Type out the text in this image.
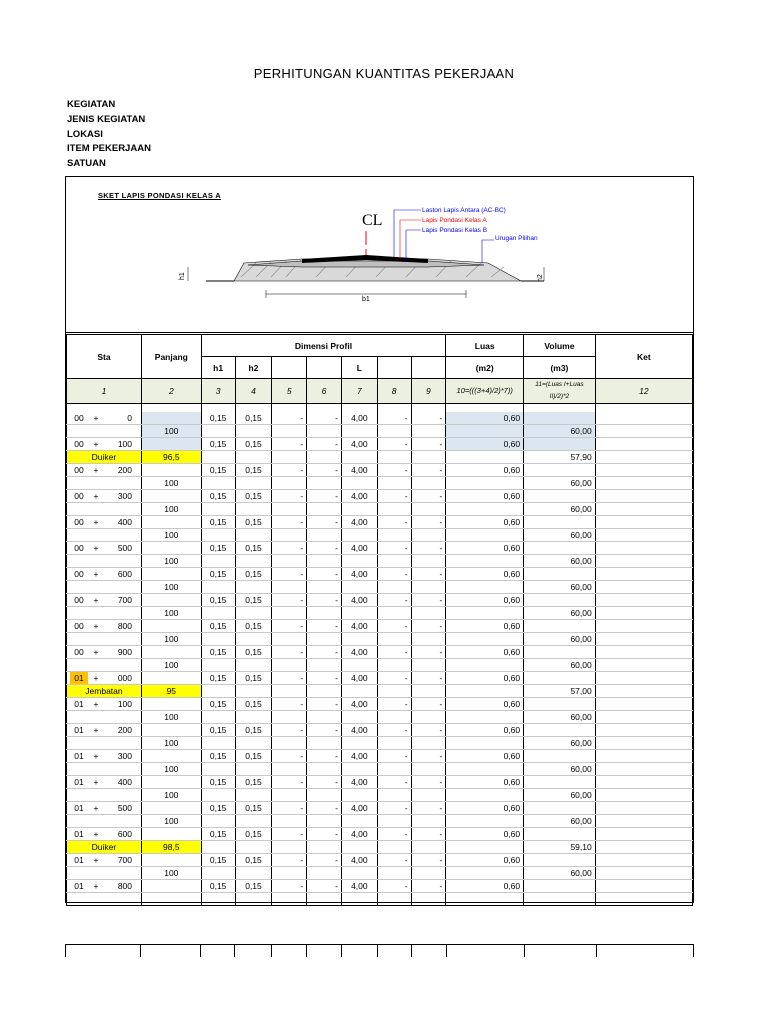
PERHITUNGAN KUANTITAS PEKERJAAN
KEGIATAN
JENIS KEGIATAN
LOKASI
ITEM PEKERJAAN
SATUAN
SKET LAPIS PONDASI KELAS A
CL
Laston Lapis Antara (AC-BC)
Lapis Pondasi Kelas A
Lapis Pondasi Kelas B
Urugan Pilihan
h1	h2
b1
Sta	Panjang	Dimensi Profil							Luas	Volume	Ket
		h1	h2			L			(m2)	(m3)	
1	2	3	4	5	6	7	8	9	10=(((3+4)/2)*7))	11=(Luas I+Luas II)/2)*2	12

00 + 0		0,15	0,15	-	-	4,00	-	-	0,60		
	100									60,00	
00 + 100		0,15	0,15	-	-	4,00	-	-	0,60		
Duiker	96,5									57,90	
00 + 200		0,15	0,15	-	-	4,00	-	-	0,60		
	100									60,00	
00 + 300		0,15	0,15	-	-	4,00	-	-	0,60		
	100									60,00	
00 + 400		0,15	0,15	-	-	4,00	-	-	0,60		
	100									60,00	
00 + 500		0,15	0,15	-	-	4,00	-	-	0,60		
	100									60,00	
00 + 600		0,15	0,15	-	-	4,00	-	-	0,60		
	100									60,00	
00 + 700		0,15	0,15	-	-	4,00	-	-	0,60		
	100									60,00	
00 + 800		0,15	0,15	-	-	4,00	-	-	0,60		
	100									60,00	
00 + 900		0,15	0,15	-	-	4,00	-	-	0,60		
	100									60,00	
01 + 000		0,15	0,15	-	-	4,00	-	-	0,60		
Jembatan	95									57,00	
01 + 100		0,15	0,15	-	-	4,00	-	-	0,60		
	100									60,00	
01 + 200		0,15	0,15	-	-	4,00	-	-	0,60		
	100									60,00	
01 + 300		0,15	0,15	-	-	4,00	-	-	0,60		
	100									60,00	
01 + 400		0,15	0,15	-	-	4,00	-	-	0,60		
	100									60,00	
01 + 500		0,15	0,15	-	-	4,00	-	-	0,60		
	100									60,00	
01 + 600		0,15	0,15	-	-	4,00	-	-	0,60		
Duiker	98,5									59,10	
01 + 700		0,15	0,15	-	-	4,00	-	-	0,60		
	100									60,00	
01 + 800		0,15	0,15	-	-	4,00	-	-	0,60		
